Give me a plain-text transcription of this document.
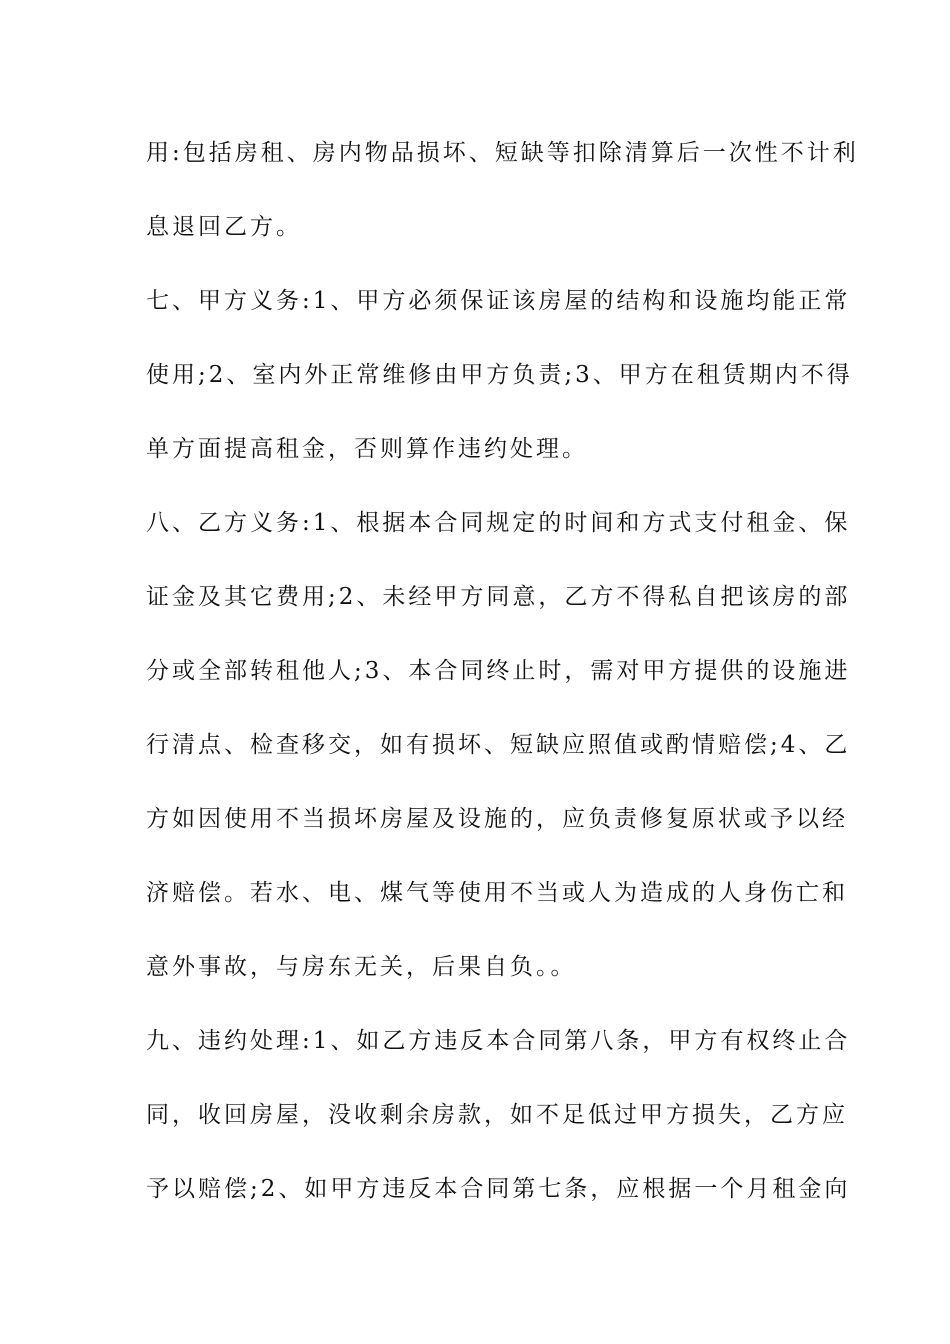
用:包括房租、房内物品损坏、短缺等扣除清算后一次性不计利
息退回乙方。
七、甲方义务:1、甲方必须保证该房屋的结构和设施均能正常
使用;2、室内外正常维修由甲方负责;3、甲方在租赁期内不得
单方面提高租金，否则算作违约处理。
八、乙方义务:1、根据本合同规定的时间和方式支付租金、保
证金及其它费用;2、未经甲方同意，乙方不得私自把该房的部
分或全部转租他人;3、本合同终止时，需对甲方提供的设施进
行清点、检查移交，如有损坏、短缺应照值或酌情赔偿;4、乙
方如因使用不当损坏房屋及设施的，应负责修复原状或予以经
济赔偿。若水、电、煤气等使用不当或人为造成的人身伤亡和
意外事故，与房东无关，后果自负。。
九、违约处理:1、如乙方违反本合同第八条，甲方有权终止合
同，收回房屋，没收剩余房款，如不足低过甲方损失，乙方应
予以赔偿;2、如甲方违反本合同第七条，应根据一个月租金向
